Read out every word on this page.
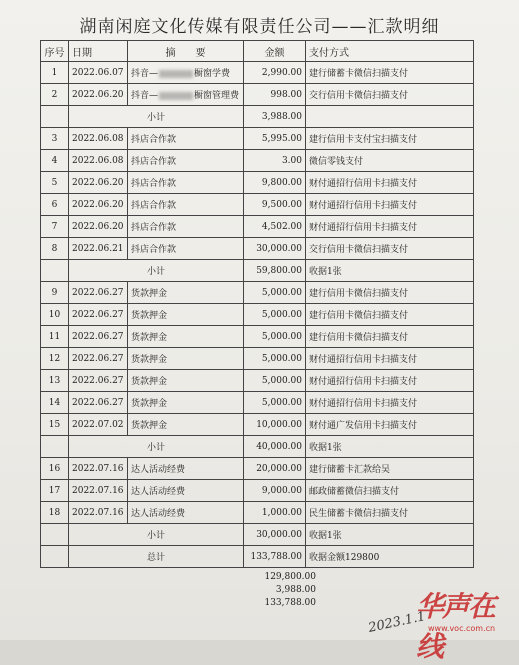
湖南闲庭文化传媒有限责任公司——汇款明细
序号	日期	摘　　要	金额	支付方式
1	2022.06.07	抖音— 橱窗学费	2,990.00	建行储蓄卡微信扫描支付
2	2022.06.20	抖音— 橱窗管理费	998.00	交行信用卡微信扫描支付
	小计		3,988.00	
3	2022.06.08	抖店合作款	5,995.00	建行信用卡支付宝扫描支付
4	2022.06.08	抖店合作款	3.00	微信零钱支付
5	2022.06.20	抖店合作款	9,800.00	财付通招行信用卡扫描支付
6	2022.06.20	抖店合作款	9,500.00	财付通招行信用卡扫描支付
7	2022.06.20	抖店合作款	4,502.00	财付通招行信用卡扫描支付
8	2022.06.21	抖店合作款	30,000.00	交行信用卡微信扫描支付
	小计		59,800.00	收据1张
9	2022.06.27	货款押金	5,000.00	建行信用卡微信扫描支付
10	2022.06.27	货款押金	5,000.00	建行信用卡微信扫描支付
11	2022.06.27	货款押金	5,000.00	建行信用卡微信扫描支付
12	2022.06.27	货款押金	5,000.00	财付通招行信用卡扫描支付
13	2022.06.27	货款押金	5,000.00	财付通招行信用卡扫描支付
14	2022.06.27	货款押金	5,000.00	财付通招行信用卡扫描支付
15	2022.07.02	货款押金	10,000.00	财付通广发信用卡扫描支付
	小计		40,000.00	收据1张
16	2022.07.16	达人活动经费	20,000.00	建行储蓄卡汇款给吴
17	2022.07.16	达人活动经费	9,000.00	邮政储蓄微信扫描支付
18	2022.07.16	达人活动经费	1,000.00	民生储蓄卡微信扫描支付
	小计		30,000.00	收据1张
	总计		133,788.00	收据金额129800
129,800.00
3,988.00
133,788.00
2023.1.1
华声在线
www.voc.com.cn
